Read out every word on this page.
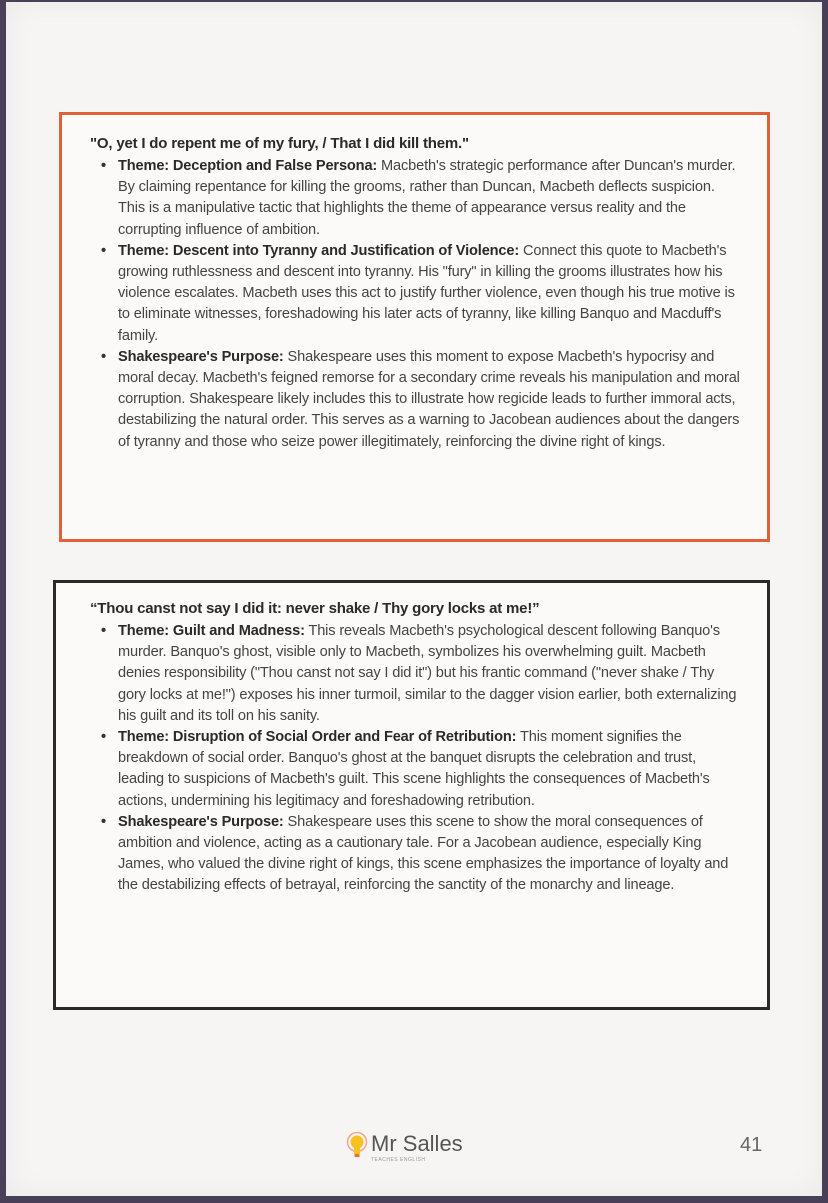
"O, yet I do repent me of my fury, / That I did kill them."

• Theme: Deception and False Persona: Macbeth's strategic performance after Duncan's murder. By claiming repentance for killing the grooms, rather than Duncan, Macbeth deflects suspicion. This is a manipulative tactic that highlights the theme of appearance versus reality and the corrupting influence of ambition.
• Theme: Descent into Tyranny and Justification of Violence: Connect this quote to Macbeth's growing ruthlessness and descent into tyranny. His "fury" in killing the grooms illustrates how his violence escalates. Macbeth uses this act to justify further violence, even though his true motive is to eliminate witnesses, foreshadowing his later acts of tyranny, like killing Banquo and Macduff's family.
• Shakespeare's Purpose: Shakespeare uses this moment to expose Macbeth's hypocrisy and moral decay. Macbeth's feigned remorse for a secondary crime reveals his manipulation and moral corruption. Shakespeare likely includes this to illustrate how regicide leads to further immoral acts, destabilizing the natural order. This serves as a warning to Jacobean audiences about the dangers of tyranny and those who seize power illegitimately, reinforcing the divine right of kings.

“Thou canst not say I did it: never shake / Thy gory locks at me!”

• Theme: Guilt and Madness: This reveals Macbeth's psychological descent following Banquo's murder. Banquo's ghost, visible only to Macbeth, symbolizes his overwhelming guilt. Macbeth denies responsibility ("Thou canst not say I did it") but his frantic command ("never shake / Thy gory locks at me!") exposes his inner turmoil, similar to the dagger vision earlier, both externalizing his guilt and its toll on his sanity.
• Theme: Disruption of Social Order and Fear of Retribution: This moment signifies the breakdown of social order. Banquo's ghost at the banquet disrupts the celebration and trust, leading to suspicions of Macbeth's guilt. This scene highlights the consequences of Macbeth's actions, undermining his legitimacy and foreshadowing retribution.
• Shakespeare's Purpose: Shakespeare uses this scene to show the moral consequences of ambition and violence, acting as a cautionary tale. For a Jacobean audience, especially King James, who valued the divine right of kings, this scene emphasizes the importance of loyalty and the destabilizing effects of betrayal, reinforcing the sanctity of the monarchy and lineage.
Mr Salles
TEACHES ENGLISH
41
